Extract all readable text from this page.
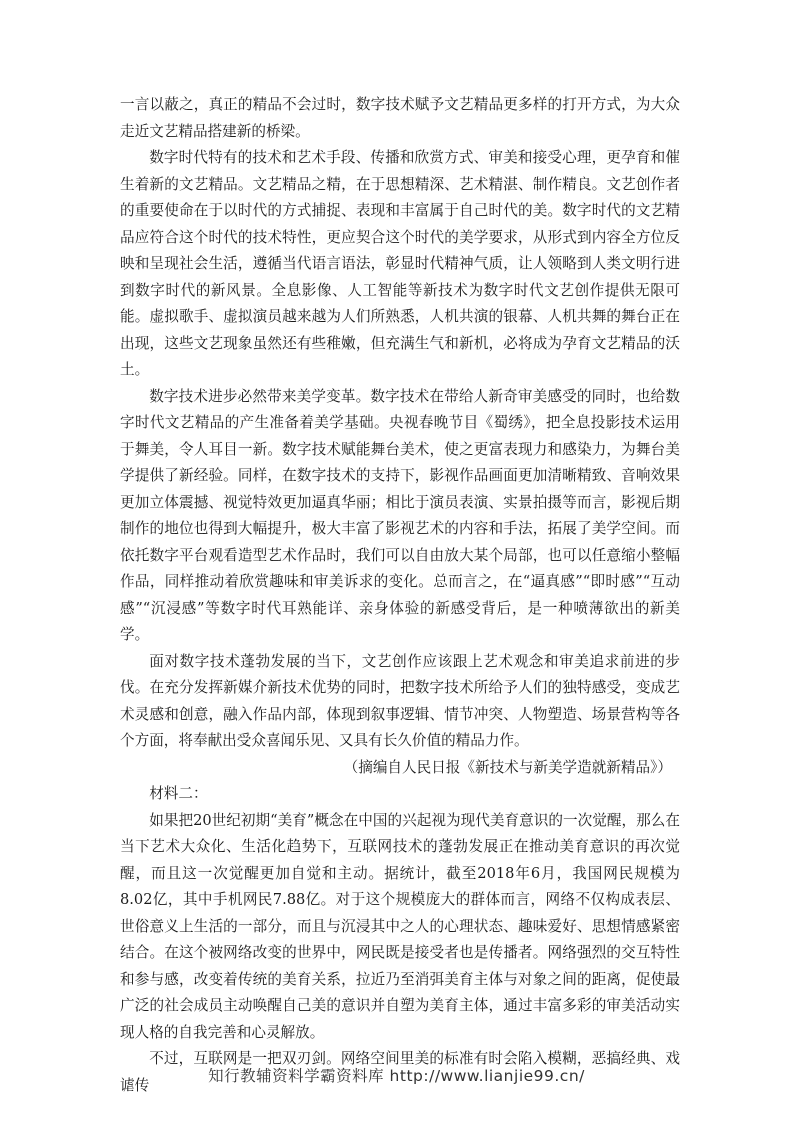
一言以蔽之，真正的精品不会过时，数字技术赋予文艺精品更多样的打开方式，为大众走近文艺精品搭建新的桥梁。

数字时代特有的技术和艺术手段、传播和欣赏方式、审美和接受心理，更孕育和催生着新的文艺精品。文艺精品之精，在于思想精深、艺术精湛、制作精良。文艺创作者的重要使命在于以时代的方式捕捉、表现和丰富属于自己时代的美。数字时代的文艺精品应符合这个时代的技术特性，更应契合这个时代的美学要求，从形式到内容全方位反映和呈现社会生活，遵循当代语言语法，彰显时代精神气质，让人领略到人类文明行进到数字时代的新风景。全息影像、人工智能等新技术为数字时代文艺创作提供无限可能。虚拟歌手、虚拟演员越来越为人们所熟悉，人机共演的银幕、人机共舞的舞台正在出现，这些文艺现象虽然还有些稚嫩，但充满生气和新机，必将成为孕育文艺精品的沃土。

数字技术进步必然带来美学变革。数字技术在带给人新奇审美感受的同时，也给数字时代文艺精品的产生准备着美学基础。央视春晚节目《蜀绣》，把全息投影技术运用于舞美，令人耳目一新。数字技术赋能舞台美术，使之更富表现力和感染力，为舞台美学提供了新经验。同样，在数字技术的支持下，影视作品画面更加清晰精致、音响效果更加立体震撼、视觉特效更加逼真华丽；相比于演员表演、实景拍摄等而言，影视后期制作的地位也得到大幅提升，极大丰富了影视艺术的内容和手法，拓展了美学空间。而依托数字平台观看造型艺术作品时，我们可以自由放大某个局部，也可以任意缩小整幅作品，同样推动着欣赏趣味和审美诉求的变化。总而言之，在“逼真感”“即时感”“互动感”“沉浸感”等数字时代耳熟能详、亲身体验的新感受背后，是一种喷薄欲出的新美学。

面对数字技术蓬勃发展的当下，文艺创作应该跟上艺术观念和审美追求前进的步伐。在充分发挥新媒介新技术优势的同时，把数字技术所给予人们的独特感受，变成艺术灵感和创意，融入作品内部，体现到叙事逻辑、情节冲突、人物塑造、场景营构等各个方面，将奉献出受众喜闻乐见、又具有长久价值的精品力作。

（摘编自人民日报《新技术与新美学造就新精品》）

材料二：

如果把20世纪初期“美育”概念在中国的兴起视为现代美育意识的一次觉醒，那么在当下艺术大众化、生活化趋势下，互联网技术的蓬勃发展正在推动美育意识的再次觉醒，而且这一次觉醒更加自觉和主动。据统计，截至2018年6月，我国网民规模为8.02亿，其中手机网民7.88亿。对于这个规模庞大的群体而言，网络不仅构成表层、世俗意义上生活的一部分，而且与沉浸其中之人的心理状态、趣味爱好、思想情感紧密结合。在这个被网络改变的世界中，网民既是接受者也是传播者。网络强烈的交互特性和参与感，改变着传统的美育关系，拉近乃至消弭美育主体与对象之间的距离，促使最广泛的社会成员主动唤醒自己美的意识并自塑为美育主体，通过丰富多彩的审美活动实现人格的自我完善和心灵解放。

不过，互联网是一把双刃剑。网络空间里美的标准有时会陷入模糊，恶搞经典、戏谑传	知行教辅资料学霸资料库 http://www.lianjie99.cn/
